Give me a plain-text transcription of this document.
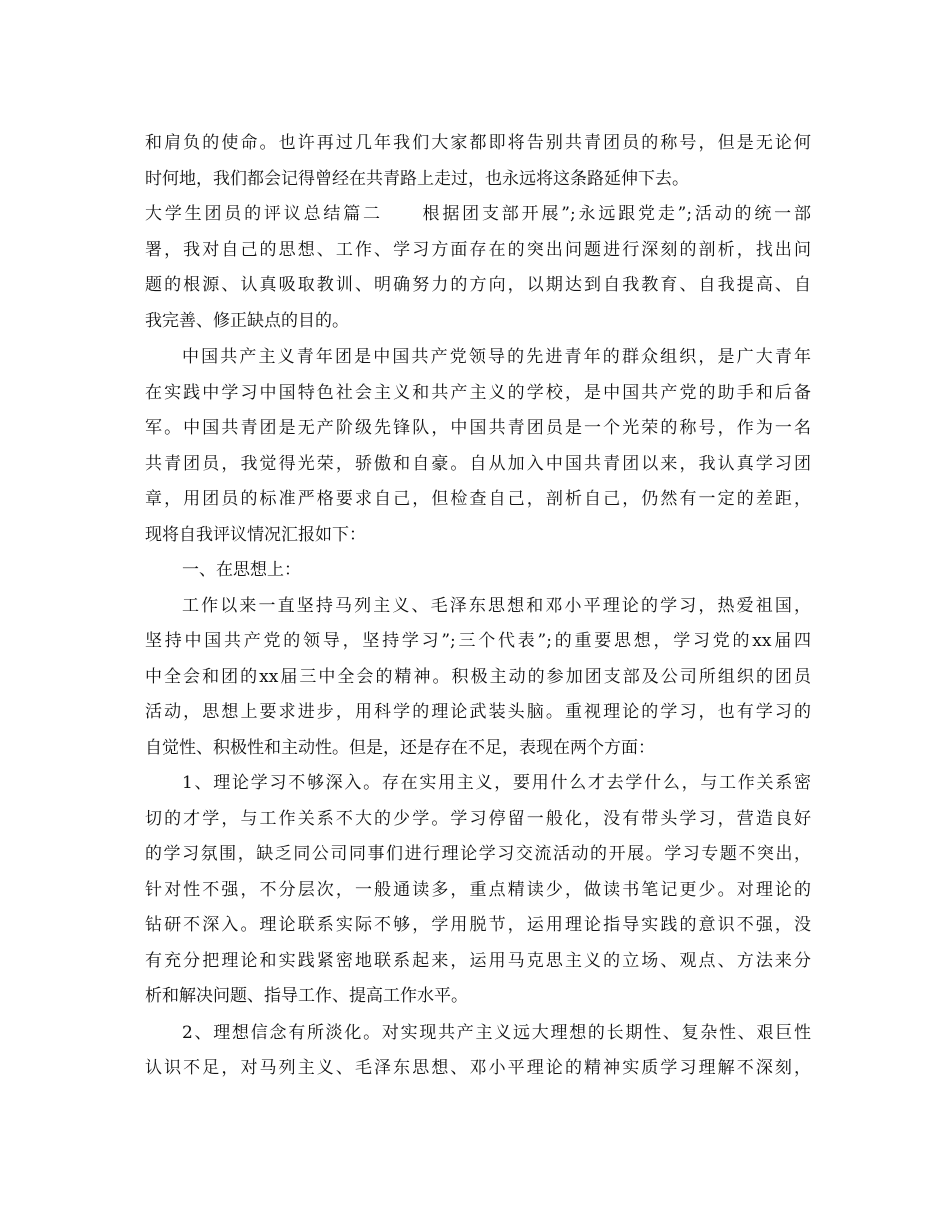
和肩负的使命。也许再过几年我们大家都即将告别共青团员的称号，但是无论何
时何地，我们都会记得曾经在共青路上走过，也永远将这条路延伸下去。
大学生团员的评议总结篇二　　根据团支部开展”;永远跟党走”;活动的统一部
署，我对自己的思想、工作、学习方面存在的突出问题进行深刻的剖析，找出问
题的根源、认真吸取教训、明确努力的方向，以期达到自我教育、自我提高、自
我完善、修正缺点的目的。
中国共产主义青年团是中国共产党领导的先进青年的群众组织，是广大青年
在实践中学习中国特色社会主义和共产主义的学校，是中国共产党的助手和后备
军。中国共青团是无产阶级先锋队，中国共青团员是一个光荣的称号，作为一名
共青团员，我觉得光荣，骄傲和自豪。自从加入中国共青团以来，我认真学习团
章，用团员的标准严格要求自己，但检查自己，剖析自己，仍然有一定的差距，
现将自我评议情况汇报如下：
一、在思想上：
工作以来一直坚持马列主义、毛泽东思想和邓小平理论的学习，热爱祖国，
坚持中国共产党的领导，坚持学习”;三个代表”;的重要思想，学习党的xx届四
中全会和团的xx届三中全会的精神。积极主动的参加团支部及公司所组织的团员
活动，思想上要求进步，用科学的理论武装头脑。重视理论的学习，也有学习的
自觉性、积极性和主动性。但是，还是存在不足，表现在两个方面：
1、理论学习不够深入。存在实用主义，要用什么才去学什么，与工作关系密
切的才学，与工作关系不大的少学。学习停留一般化，没有带头学习，营造良好
的学习氛围，缺乏同公司同事们进行理论学习交流活动的开展。学习专题不突出，
针对性不强，不分层次，一般通读多，重点精读少，做读书笔记更少。对理论的
钻研不深入。理论联系实际不够，学用脱节，运用理论指导实践的意识不强，没
有充分把理论和实践紧密地联系起来，运用马克思主义的立场、观点、方法来分
析和解决问题、指导工作、提高工作水平。
2、理想信念有所淡化。对实现共产主义远大理想的长期性、复杂性、艰巨性
认识不足，对马列主义、毛泽东思想、邓小平理论的精神实质学习理解不深刻，
